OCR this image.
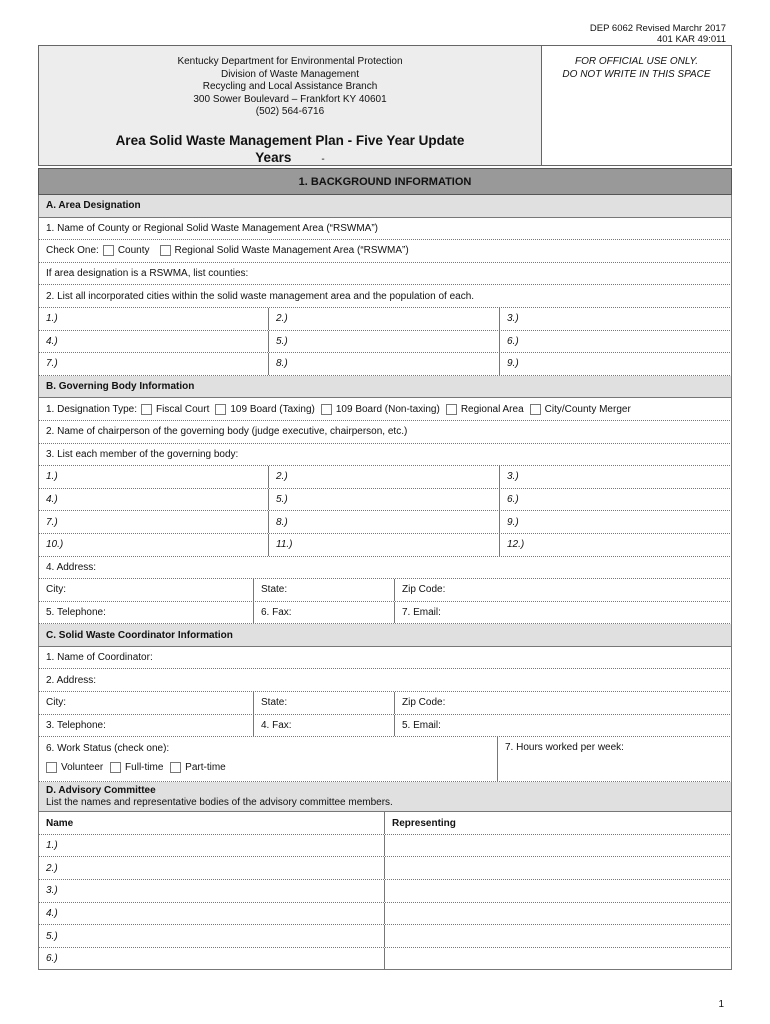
DEP 6062 Revised Marchr 2017
401 KAR 49:011
Kentucky Department for Environmental Protection
Division of Waste Management
Recycling and Local Assistance Branch
300 Sower Boulevard – Frankfort KY 40601
(502) 564-6716
Area Solid Waste Management Plan - Five Year Update
Years	-
FOR OFFICIAL USE ONLY.
DO NOT WRITE IN THIS SPACE
1. BACKGROUND INFORMATION
A. Area Designation
1. Name of County or Regional Solid Waste Management Area (“RSWMA”)
Check One: County	Regional Solid Waste Management Area (“RSWMA”)
If area designation is a RSWMA, list counties:
2. List all incorporated cities within the solid waste management area and the population of each.
1.)	2.)	3.)
4.)	5.)	6.)
7.)	8.)	9.)
B. Governing Body Information
1. Designation Type: Fiscal Court 109 Board (Taxing) 109 Board (Non-taxing) Regional Area City/County Merger
2. Name of chairperson of the governing body (judge executive, chairperson, etc.)
3. List each member of the governing body:
1.)	2.)	3.)
4.)	5.)	6.)
7.)	8.)	9.)
10.)	11.)	12.)
4. Address:
City:	State:	Zip Code:
5. Telephone:	6. Fax:	7. Email:
C. Solid Waste Coordinator Information
1. Name of Coordinator:
2. Address:
City:	State:	Zip Code:
3. Telephone:	4. Fax:	5. Email:
6. Work Status (check one):
Volunteer
Full-time
Part-time
7. Hours worked per week:
D. Advisory Committee
List the names and representative bodies of the advisory committee members.
Name	Representing
1.)
2.)
3.)
4.)
5.)
6.)
1
